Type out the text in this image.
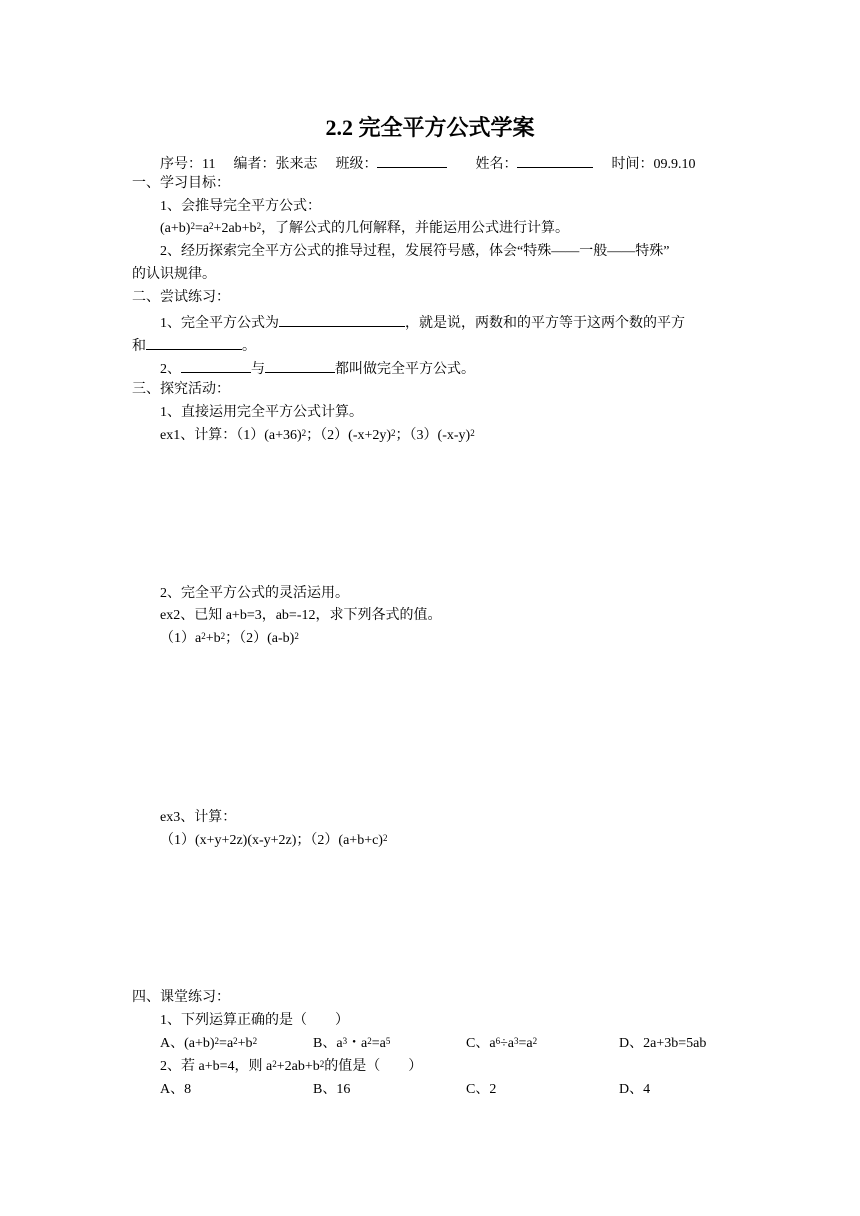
2.2 完全平方公式学案
序号：11 编者：张来志 班级：	姓名：	时间：09.9.10
一、学习目标：
1、会推导完全平方公式：
$(a+b)^2=a^2+2ab+b^2$，了解公式的几何解释，并能运用公式进行计算。
2、经历探索完全平方公式的推导过程，发展符号感，体会“特殊——一般——特殊”
的认识规律。
二、尝试练习：
1、完全平方公式为	，就是说，两数和的平方等于这两个数的平方
和	。
2、	与	都叫做完全平方公式。
三、探究活动：
1、直接运用完全平方公式计算。
ex1、计算：$(1)(a+36)^2$；$(2)(-x+2y)^2$；$(3)(-x-y)^2$
2、完全平方公式的灵活运用。
ex2、已知 a+b=3，ab=-12，求下列各式的值。
$(1)a^2+b^2$；$(2)(a-b)^2$
ex3、计算：
（1）(x+y+2z)(x-y+2z)；$(2)(a+b+c)^2$
四、课堂练习：
1、下列运算正确的是（　　）
A、$(a+b)^2=a^2+b^2$	B、$a^3$・$a^2=a^5$	C、$a^6\div a^3=a^2$	D、2a+3b=5ab
2、若 a+b=4，则 $a^2+2ab+b^2$的值是（　　）
A、8	B、16	C、2	D、4
